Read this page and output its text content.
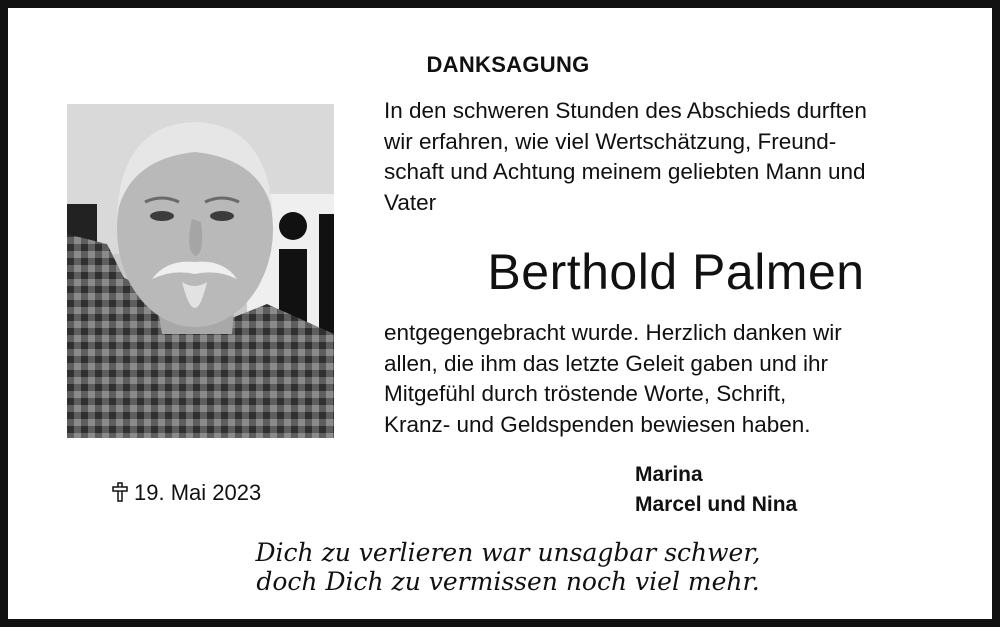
DANKSAGUNG
In den schweren Stunden des Abschieds durften
wir erfahren, wie viel Wertschätzung, Freund-
schaft und Achtung meinem geliebten Mann und
Vater
Berthold Palmen
entgegengebracht wurde. Herzlich danken wir
allen, die ihm das letzte Geleit gaben und ihr
Mitgefühl durch tröstende Worte, Schrift,
Kranz- und Geldspenden bewiesen haben.
19. Mai 2023
Marina
Marcel und Nina
Dich zu verlieren war unsagbar schwer,
doch Dich zu vermissen noch viel mehr.
